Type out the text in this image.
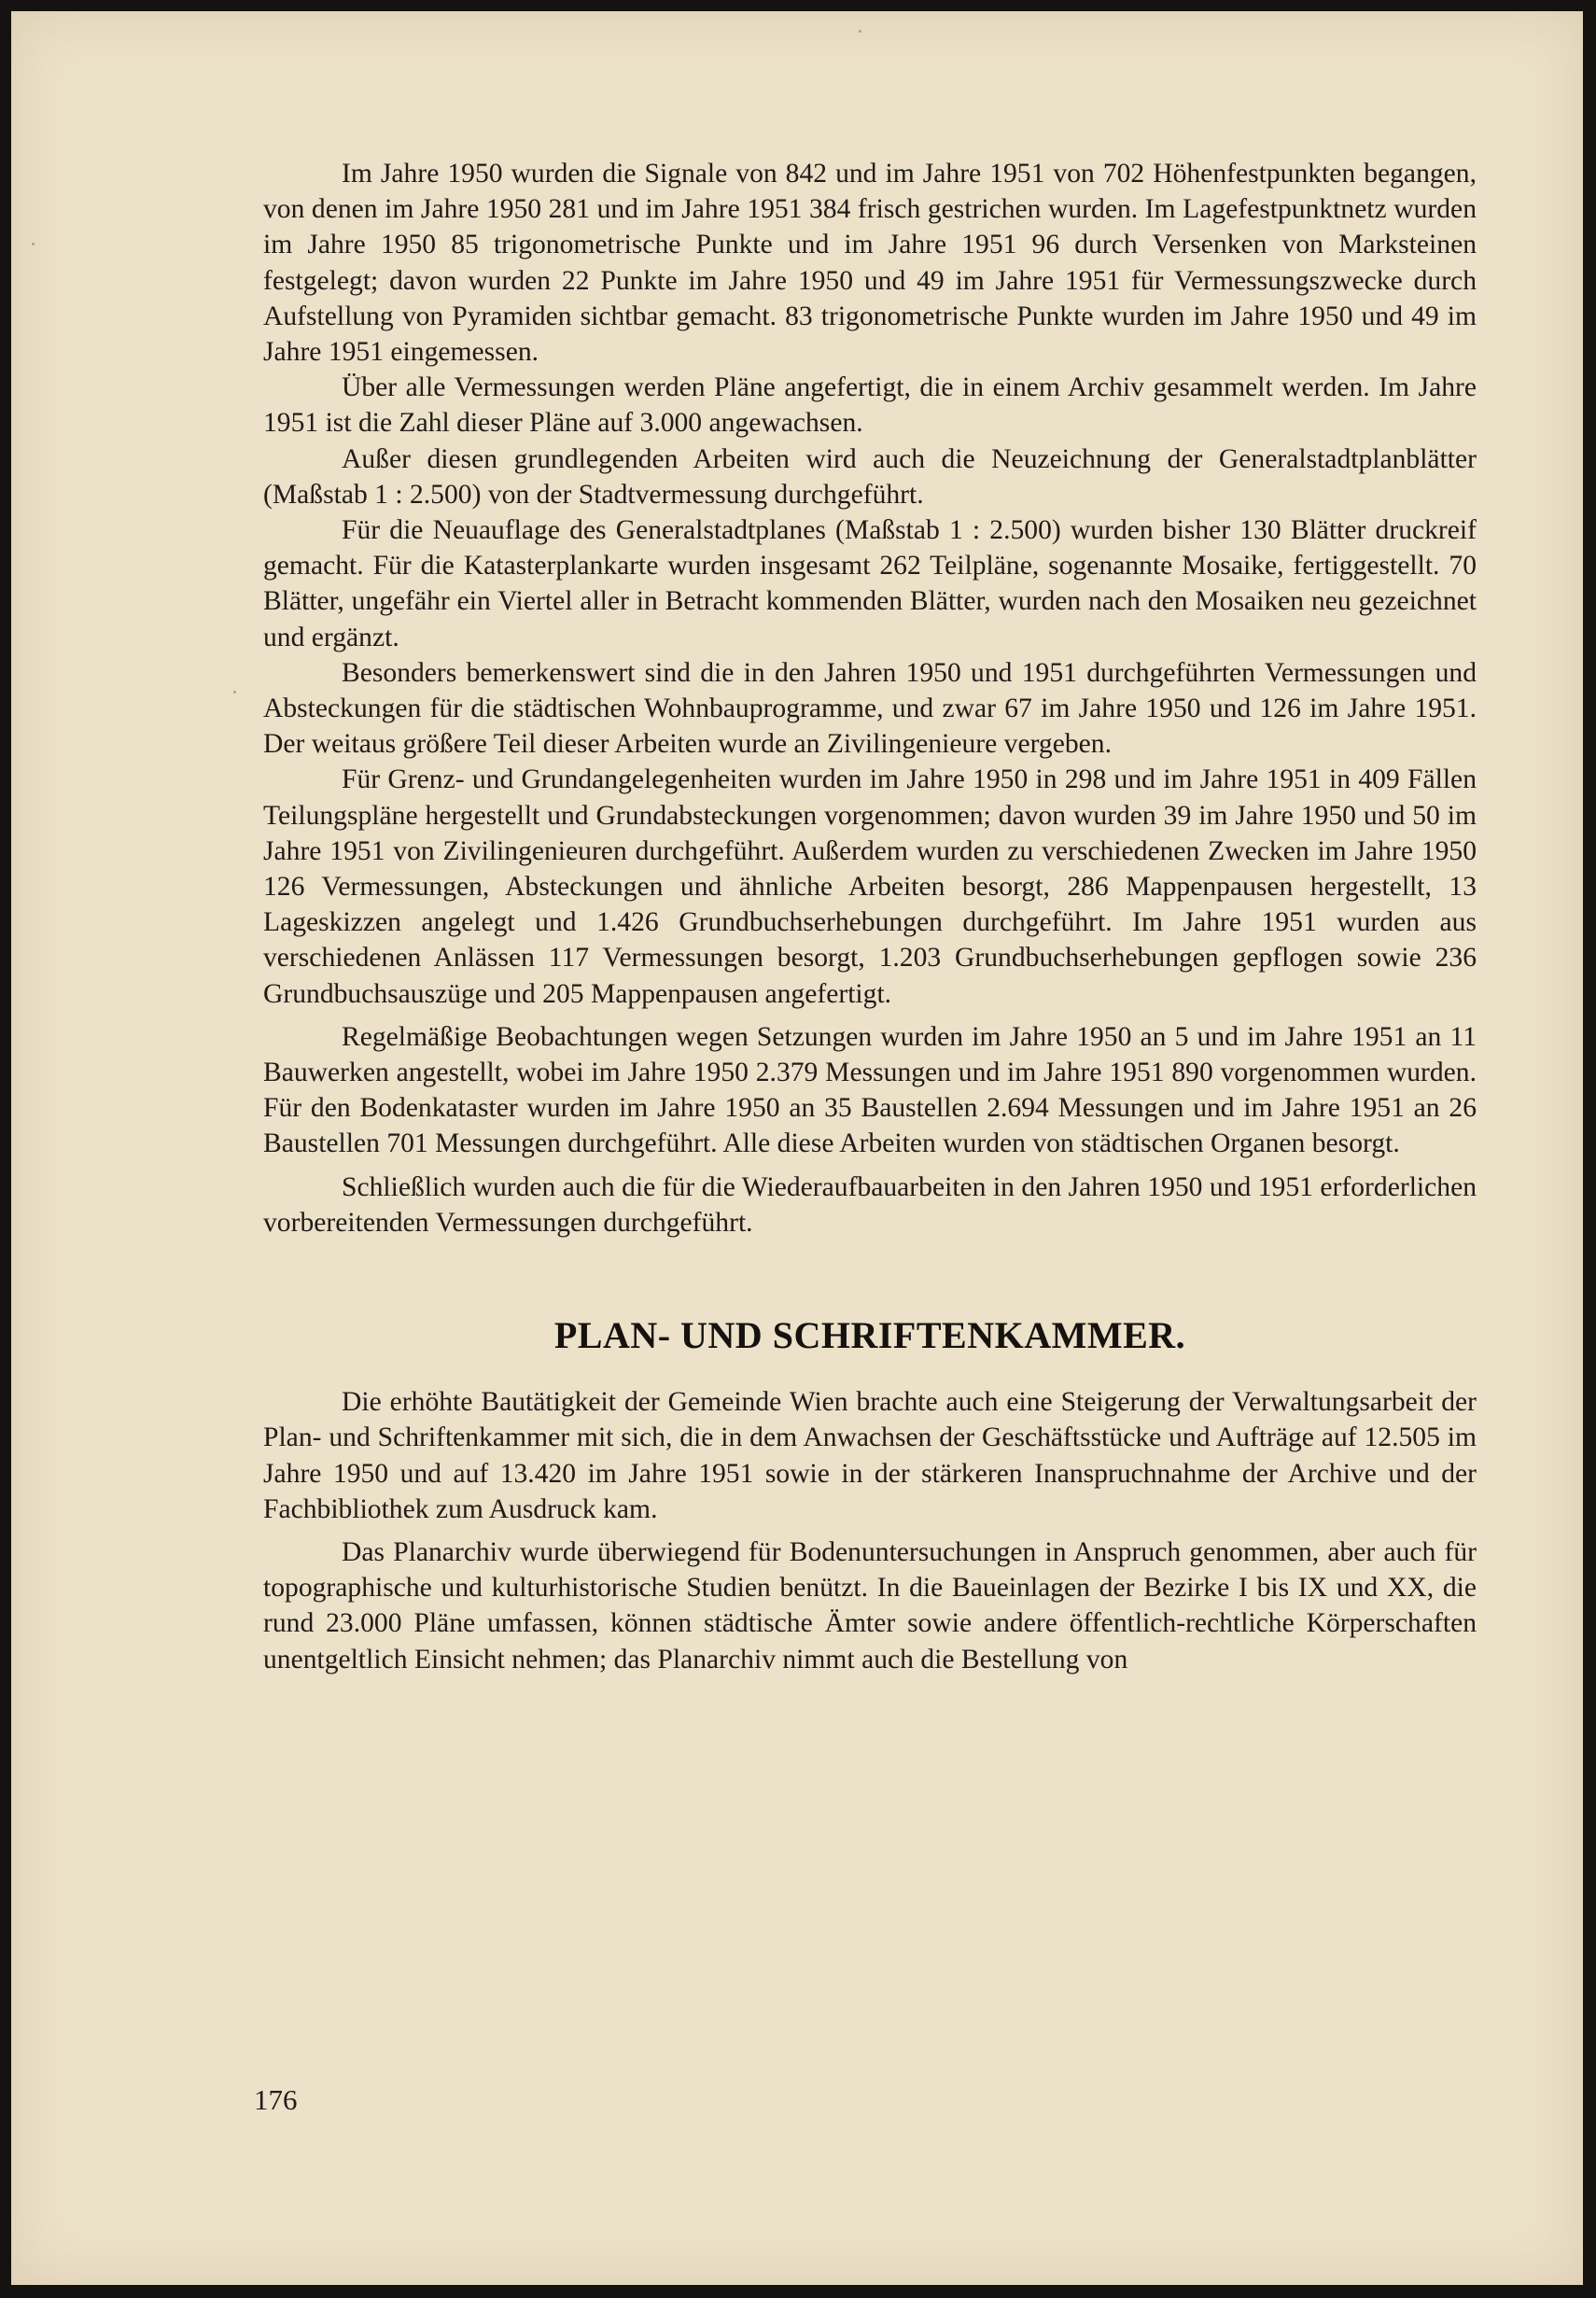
Im Jahre 1950 wurden die Signale von 842 und im Jahre 1951 von 702 Höhenfestpunkten begangen, von denen im Jahre 1950 281 und im Jahre 1951 384 frisch gestrichen wurden. Im Lagefestpunktnetz wurden im Jahre 1950 85 trigonometrische Punkte und im Jahre 1951 96 durch Versenken von Marksteinen festgelegt; davon wurden 22 Punkte im Jahre 1950 und 49 im Jahre 1951 für Vermessungszwecke durch Aufstellung von Pyramiden sichtbar gemacht. 83 trigonometrische Punkte wurden im Jahre 1950 und 49 im Jahre 1951 eingemessen.

Über alle Vermessungen werden Pläne angefertigt, die in einem Archiv gesammelt werden. Im Jahre 1951 ist die Zahl dieser Pläne auf 3.000 angewachsen.

Außer diesen grundlegenden Arbeiten wird auch die Neuzeichnung der Generalstadtplanblätter (Maßstab 1 : 2.500) von der Stadtvermessung durchgeführt.

Für die Neuauflage des Generalstadtplanes (Maßstab 1 : 2.500) wurden bisher 130 Blätter druckreif gemacht. Für die Katasterplankarte wurden insgesamt 262 Teilpläne, sogenannte Mosaike, fertiggestellt. 70 Blätter, ungefähr ein Viertel aller in Betracht kommenden Blätter, wurden nach den Mosaiken neu gezeichnet und ergänzt.

Besonders bemerkenswert sind die in den Jahren 1950 und 1951 durchgeführten Vermessungen und Absteckungen für die städtischen Wohnbauprogramme, und zwar 67 im Jahre 1950 und 126 im Jahre 1951. Der weitaus größere Teil dieser Arbeiten wurde an Zivilingenieure vergeben.

Für Grenz- und Grundangelegenheiten wurden im Jahre 1950 in 298 und im Jahre 1951 in 409 Fällen Teilungspläne hergestellt und Grundabsteckungen vorgenommen; davon wurden 39 im Jahre 1950 und 50 im Jahre 1951 von Zivilingenieuren durchgeführt. Außerdem wurden zu verschiedenen Zwecken im Jahre 1950 126 Vermessungen, Absteckungen und ähnliche Arbeiten besorgt, 286 Mappenpausen hergestellt, 13 Lageskizzen angelegt und 1.426 Grundbuchserhebungen durchgeführt. Im Jahre 1951 wurden aus verschiedenen Anlässen 117 Vermessungen besorgt, 1.203 Grundbuchserhebungen gepflogen sowie 236 Grundbuchsauszüge und 205 Mappenpausen angefertigt.

Regelmäßige Beobachtungen wegen Setzungen wurden im Jahre 1950 an 5 und im Jahre 1951 an 11 Bauwerken angestellt, wobei im Jahre 1950 2.379 Messungen und im Jahre 1951 890 vorgenommen wurden. Für den Bodenkataster wurden im Jahre 1950 an 35 Baustellen 2.694 Messungen und im Jahre 1951 an 26 Baustellen 701 Messungen durchgeführt. Alle diese Arbeiten wurden von städtischen Organen besorgt.

Schließlich wurden auch die für die Wiederaufbauarbeiten in den Jahren 1950 und 1951 erforderlichen vorbereitenden Vermessungen durchgeführt.

PLAN- UND SCHRIFTENKAMMER.

Die erhöhte Bautätigkeit der Gemeinde Wien brachte auch eine Steigerung der Verwaltungsarbeit der Plan- und Schriftenkammer mit sich, die in dem Anwachsen der Geschäftsstücke und Aufträge auf 12.505 im Jahre 1950 und auf 13.420 im Jahre 1951 sowie in der stärkeren Inanspruchnahme der Archive und der Fachbibliothek zum Ausdruck kam.

Das Planarchiv wurde überwiegend für Bodenuntersuchungen in Anspruch genommen, aber auch für topographische und kulturhistorische Studien benützt. In die Baueinlagen der Bezirke I bis IX und XX, die rund 23.000 Pläne umfassen, können städtische Ämter sowie andere öffentlich-rechtliche Körperschaften unentgeltlich Einsicht nehmen; das Planarchiv nimmt auch die Bestellung von

176
